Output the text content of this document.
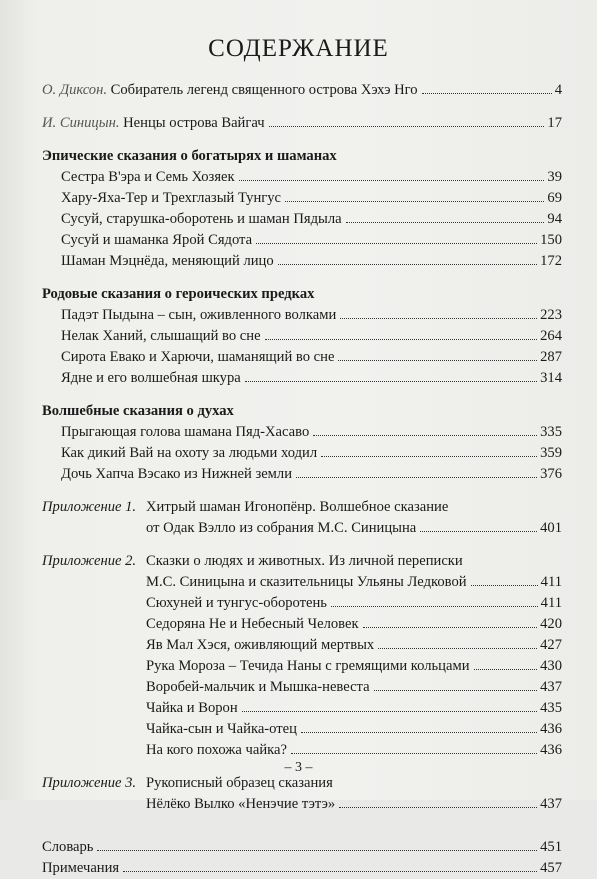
СОДЕРЖАНИЕ
О. Диксон. Собиратель легенд священного острова Хэхэ Нго	4
И. Синицын. Ненцы острова Вайгач	17
Эпические сказания о богатырях и шаманах
Сестра В'эра и Семь Хозяек	39
Хару-Яха-Тер и Трехглазый Тунгус	69
Сусуй, старушка-оборотень и шаман Пядыла	94
Сусуй и шаманка Ярой Сядота	150
Шаман Мэцнёда, меняющий лицо	172
Родовые сказания о героических предках
Падэт Пыдына – сын, оживленного волками	223
Нелак Ханий, слышащий во сне	264
Сирота Евако и Харючи, шаманящий во сне	287
Ядне и его волшебная шкура	314
Волшебные сказания о духах
Прыгающая голова шамана Пяд-Хасаво	335
Как дикий Вай на охоту за людьми ходил	359
Дочь Хапча Вэсако из Нижней земли	376
Приложение 1. Хитрый шаман Игонопёнр. Волшебное сказание
от Одак Вэлло из собрания М.С. Синицына	401
Приложение 2. Сказки о людях и животных. Из личной переписки
М.С. Синицына и сказительницы Ульяны Ледковой	411
Сюхуней и тунгус-оборотень	411
Седоряна Не и Небесный Человек	420
Яв Мал Хэся, оживляющий мертвых	427
Рука Мороза – Течида Наны с гремящими кольцами	430
Воробей-мальчик и Мышка-невеста	437
Чайка и Ворон	435
Чайка-сын и Чайка-отец	436
На кого похожа чайка?	436
Приложение 3. Рукописный образец сказания
Нёлёко Вылко «Ненэчие тэтэ»	437
Словарь	451
Примечания	457
– 3 –
